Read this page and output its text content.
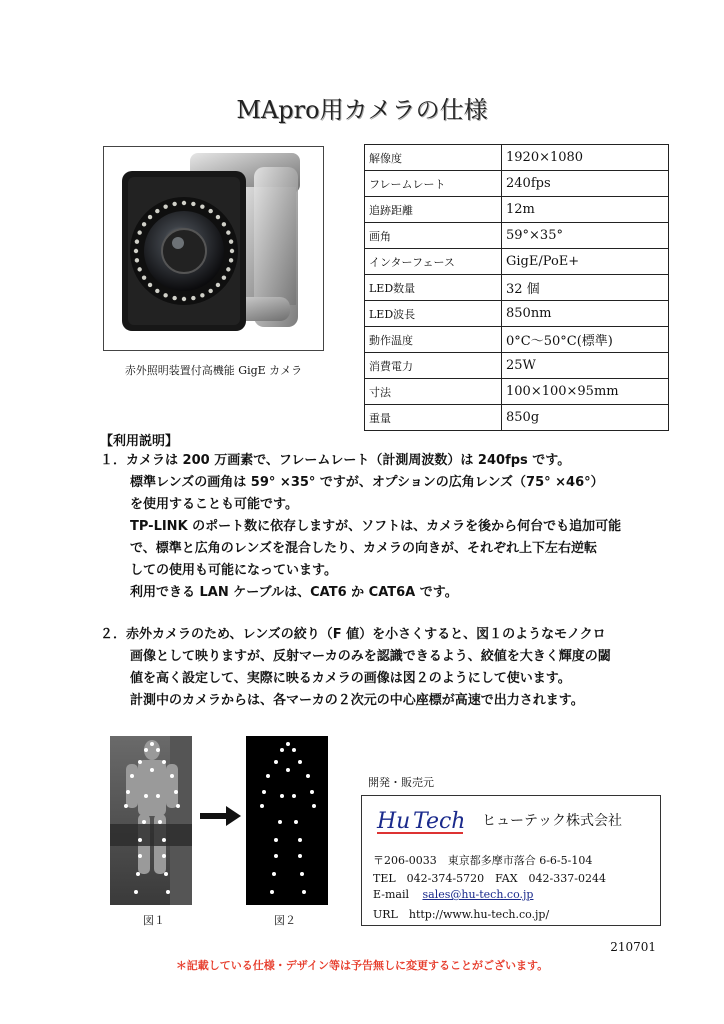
MApro用カメラの仕様
赤外照明装置付高機能 GigE カメラ
解像度	1920×1080
フレームレート	240fps
追跡距離	12m
画角	59°×35°
インターフェース	GigE/PoE+
LED数量	32 個
LED波長	850nm
動作温度	0°C～50°C(標準)
消費電力	25W
寸法	100×100×95mm
重量	850g
【利用説明】
１．カメラは 200 万画素で、フレームレート（計測周波数）は 240fps です。
標準レンズの画角は 59° ×35° ですが、オプションの広角レンズ（75° ×46°）
を使用することも可能です。
TP-LINK のポート数に依存しますが、ソフトは、カメラを後から何台でも追加可能
で、標準と広角のレンズを混合したり、カメラの向きが、それぞれ上下左右逆転
しての使用も可能になっています。
利用できる LAN ケーブルは、CAT6 か CAT6A です。
２．赤外カメラのため、レンズの絞り（F 値）を小さくすると、図１のようなモノクロ
画像として映りますが、反射マーカのみを認識できるよう、絞値を大きく輝度の閾
値を高く設定して、実際に映るカメラの画像は図２のようにして使います。
計測中のカメラからは、各マーカの２次元の中心座標が高速で出力されます。
図１	図２
開発・販売元
Hu Tech ヒューテック株式会社
〒206-0033　東京都多摩市落合 6-6-5-104
TEL　042-374-5720　FAX　042-337-0244
E-mail sales@hu-tech.co.jp
URL　http://www.hu-tech.co.jp/
210701
＊記載している仕様・デザイン等は予告無しに変更することがございます。
